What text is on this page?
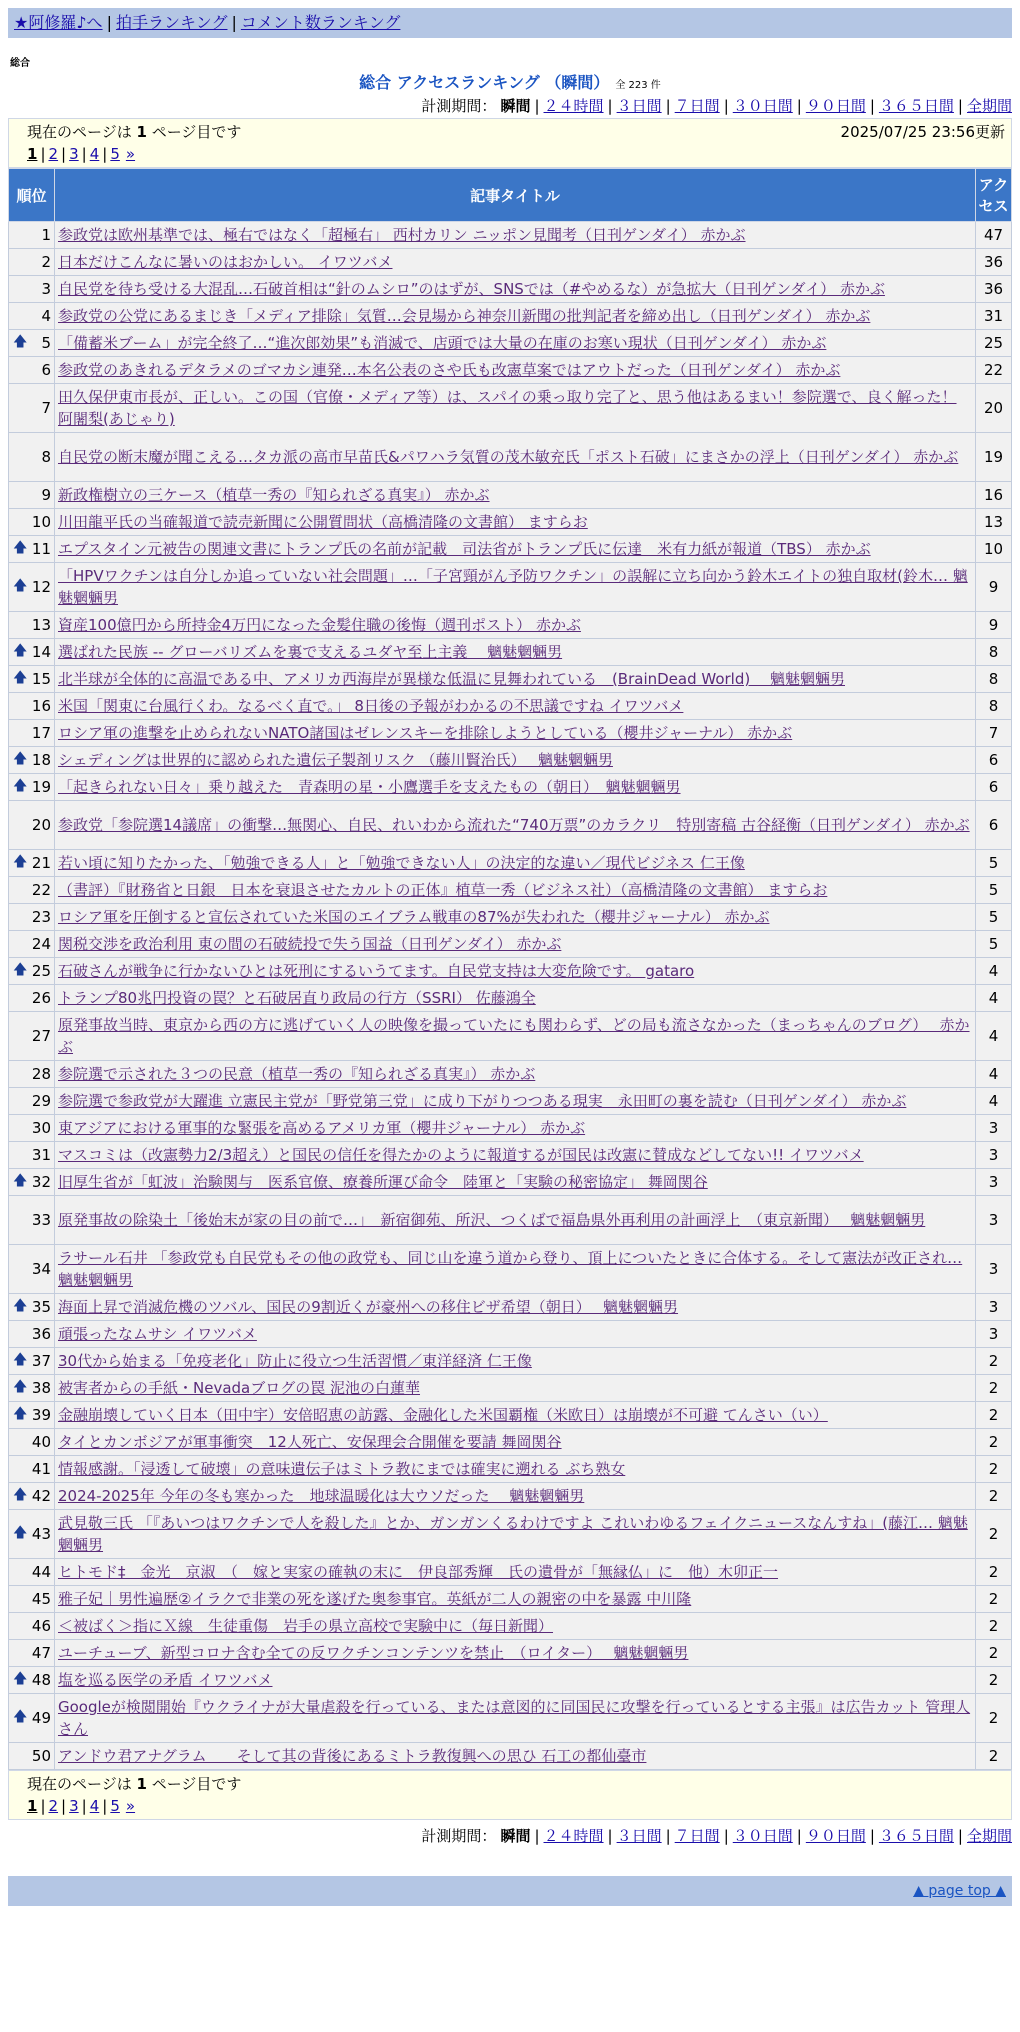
★阿修羅♪へ | 拍手ランキング | コメント数ランキング
総合
総合 アクセスランキング （瞬間） 全 223 件
計測期間： 瞬間 | ２４時間 | ３日間 | ７日間 | ３０日間 | ９０日間 | ３６５日間 | 全期間
現在のページは 1 ページ目です	2025/07/25 23:56更新
1 | 2 | 3 | 4 | 5 »
順位	記事タイトル	アクセス
1	参政党は欧州基準では、極右ではなく「超極右」 西村カリン ニッポン見聞考（日刊ゲンダイ） 赤かぶ	47
2	日本だけこんなに暑いのはおかしい。 イワツバメ	36
3	自民党を待ち受ける大混乱…石破首相は“針のムシロ”のはずが、SNSでは（#やめるな）が急拡大（日刊ゲンダイ） 赤かぶ	36
4	参政党の公党にあるまじき「メディア排除」気質…会見場から神奈川新聞の批判記者を締め出し（日刊ゲンダイ） 赤かぶ	31

🡅 5	「備蓄米ブーム」が完全終了…“進次郎効果”も消滅で、店頭では大量の在庫のお寒い現状（日刊ゲンダイ） 赤かぶ	25
6	参政党のあきれるデタラメのゴマカシ連発…本名公表のさや氏も改憲草案ではアウトだった（日刊ゲンダイ） 赤かぶ	22
7	田久保伊東市長が、正しい。この国（官僚・メディア等）は、スパイの乗っ取り完了と、思う他はあるまい！参院選で、良く解った！ 阿闍梨(あじゃり)	20
8	自民党の断末魔が聞こえる…タカ派の高市早苗氏&パワハラ気質の茂木敏充氏「ポスト石破」にまさかの浮上（日刊ゲンダイ） 赤かぶ	19
9	新政権樹立の三ケース（植草一秀の『知られざる真実』） 赤かぶ	16
10	川田龍平氏の当確報道で読売新聞に公開質問状（高橋清隆の文書館） ますらお	13

🡅 11	エプスタイン元被告の関連文書にトランプ氏の名前が記載　司法省がトランプ氏に伝達　米有力紙が報道（TBS） 赤かぶ	10

🡅 12	「HPVワクチンは自分しか追っていない社会問題」…「子宮頸がん予防ワクチン」の誤解に立ち向かう鈴木エイトの独自取材(鈴木… 魑魅魍魎男	9
13	資産100億円から所持金4万円になった金髪住職の後悔（週刊ポスト） 赤かぶ	9

🡅 14	選ばれた民族 -- グローバリズムを裏で支えるユダヤ至上主義　 魑魅魍魎男	8

🡅 15	北半球が全体的に高温である中、アメリカ西海岸が異様な低温に見舞われている　(BrainDead World)　 魑魅魍魎男	8
16	米国「関東に台風行くわ。なるべく直で。」 8日後の予報がわかるの不思議ですね イワツバメ	8
17	ロシア軍の進撃を止められないNATO諸国はゼレンスキーを排除しようとしている（櫻井ジャーナル） 赤かぶ	7

🡅 18	シェディングは世界的に認められた遺伝子製剤リスク （藤川賢治氏）　 魑魅魍魎男	6

🡅 19	「起きられない日々」乗り越えた　青森明の星・小鷹選手を支えたもの（朝日）　魑魅魍魎男	6
20	参政党「参院選14議席」の衝撃…無関心、自民、れいわから流れた“740万票”のカラクリ　特別寄稿 古谷経衡（日刊ゲンダイ） 赤かぶ	6

🡅 21	若い頃に知りたかった、「勉強できる人」と「勉強できない人」の決定的な違い／現代ビジネス 仁王像	5
22	（書評）『財務省と日銀　日本を衰退させたカルトの正体』植草一秀（ビジネス社）（高橋清隆の文書館） ますらお	5
23	ロシア軍を圧倒すると宣伝されていた米国のエイブラム戦車の87%が失われた（櫻井ジャーナル） 赤かぶ	5
24	関税交渉を政治利用 東の間の石破続投で失う国益（日刊ゲンダイ） 赤かぶ	5

🡅 25	石破さんが戦争に行かないひとは死刑にするいうてます。自民党支持は大変危険です。 gataro	4
26	トランプ80兆円投資の罠？と石破居直り政局の行方（SSRI） 佐藤鴻全	4
27	原発事故当時、東京から西の方に逃げていく人の映像を撮っていたにも関わらず、どの局も流さなかった（まっちゃんのブログ）　 赤かぶ	4
28	参院選で示された３つの民意（植草一秀の『知られざる真実』） 赤かぶ	4
29	参院選で参政党が大躍進 立憲民主党が「野党第三党」に成り下がりつつある現実　永田町の裏を読む（日刊ゲンダイ） 赤かぶ	4
30	東アジアにおける軍事的な緊張を高めるアメリカ軍（櫻井ジャーナル） 赤かぶ	3
31	マスコミは（改憲勢力2/3超え）と国民の信任を得たかのように報道するが国民は改憲に賛成などしてない!! イワツバメ	3

🡅 32	旧厚生省が「虹波」治験関与　医系官僚、療養所運び命令　陸軍と「実験の秘密協定」 舞岡関谷	3
33	原発事故の除染土「後始末が家の目の前で…」　新宿御苑、所沢、つくばで福島県外再利用の計画浮上　（東京新聞）　 魑魅魍魎男	3
34	ラサール石井 「参政党も自民党もその他の政党も、同じ山を違う道から登り、頂上についたときに合体する。そして憲法が改正され… 魑魅魍魎男	3

🡅 35	海面上昇で消滅危機のツバル、国民の9割近くが豪州への移住ビザ希望（朝日）　 魑魅魍魎男	3
36	頑張ったなムサシ イワツバメ	3

🡅 37	30代から始まる「免疫老化」防止に役立つ生活習慣／東洋経済 仁王像	2

🡅 38	被害者からの手紙・Nevadaブログの罠 泥池の白蓮華	2

🡅 39	金融崩壊していく日本（田中宇）安倍昭恵の訪露、金融化した米国覇権（米欧日）は崩壊が不可避 てんさい（い）	2
40	タイとカンボジアが軍事衝突　12人死亡、安保理会合開催を要請 舞岡関谷	2
41	情報感謝。「浸透して破壊」の意味遺伝子はミトラ教にまでは確実に遡れる ぶち熟女	2

🡅 42	2024-2025年 今年の冬も寒かった　地球温暖化は大ウソだった　 魑魅魍魎男	2

🡅 43	武見敬三氏 「『あいつはワクチンで人を殺した』とか、ガンガンくるわけですよ これいわゆるフェイクニュースなんすね」(藤江… 魑魅魍魎男	2
44	ヒトモド‡　金光　京淑　（　嫁と実家の確執の末に　伊良部秀輝　氏の遺骨が「無縁仏」に　他）木卯正一	2
45	雅子妃｜男性遍歴②イラクで非業の死を遂げた奥参事官。英紙が二人の親密の中を暴露 中川隆	2
46	＜被ばく＞指にＸ線　生徒重傷　岩手の県立高校で実験中に（毎日新聞）	2
47	ユーチューブ、新型コロナ含む全ての反ワクチンコンテンツを禁止　（ロイター）　 魑魅魍魎男	2

🡅 48	塩を巡る医学の矛盾 イワツバメ	2

🡅 49	Googleが検閲開始『ウクライナが大量虐殺を行っている、または意図的に同国民に攻撃を行っているとする主張』は広告カット 管理人さん	2
50	アンドウ君アナグラム　　そして其の背後にあるミトラ教復興への思ひ 石工の都仙臺市	2
現在のページは 1 ページ目です
1 | 2 | 3 | 4 | 5 »
計測期間： 瞬間 | ２４時間 | ３日間 | ７日間 | ３０日間 | ９０日間 | ３６５日間 | 全期間
▲ page top ▲
